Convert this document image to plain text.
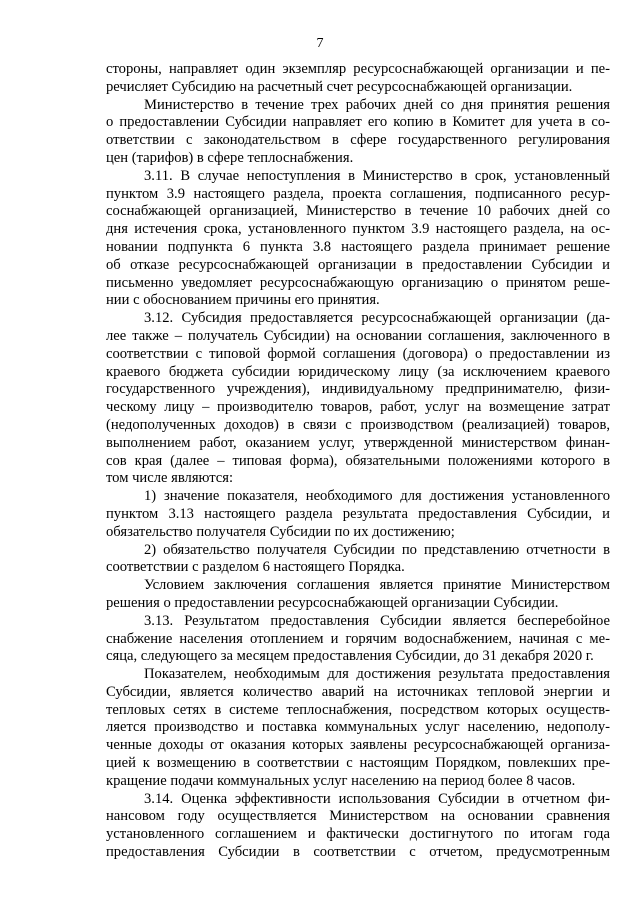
7
стороны, направляет один экземпляр ресурсоснабжающей организации и пе-
речисляет Субсидию на расчетный счет ресурсоснабжающей организации.
Министерство в течение трех рабочих дней со дня принятия решения
о предоставлении Субсидии направляет его копию в Комитет для учета в со-
ответствии с законодательством в сфере государственного регулирования
цен (тарифов) в сфере теплоснабжения.
3.11. В случае непоступления в Министерство в срок, установленный
пунктом 3.9 настоящего раздела, проекта соглашения, подписанного ресур-
соснабжающей организацией, Министерство в течение 10 рабочих дней со
дня истечения срока, установленного пунктом 3.9 настоящего раздела, на ос-
новании подпункта 6 пункта 3.8 настоящего раздела принимает решение
об отказе ресурсоснабжающей организации в предоставлении Субсидии и
письменно уведомляет ресурсоснабжающую организацию о принятом реше-
нии с обоснованием причины его принятия.
3.12. Субсидия предоставляется ресурсоснабжающей организации (да-
лее также – получатель Субсидии) на основании соглашения, заключенного в
соответствии с типовой формой соглашения (договора) о предоставлении из
краевого бюджета субсидии юридическому лицу (за исключением краевого
государственного учреждения), индивидуальному предпринимателю, физи-
ческому лицу – производителю товаров, работ, услуг на возмещение затрат
(недополученных доходов) в связи с производством (реализацией) товаров,
выполнением работ, оказанием услуг, утвержденной министерством финан-
сов края (далее – типовая форма), обязательными положениями которого в
том числе являются:
1) значение показателя, необходимого для достижения установленного
пунктом 3.13 настоящего раздела результата предоставления Субсидии, и
обязательство получателя Субсидии по их достижению;
2) обязательство получателя Субсидии по представлению отчетности в
соответствии с разделом 6 настоящего Порядка.
Условием заключения соглашения является принятие Министерством
решения о предоставлении ресурсоснабжающей организации Субсидии.
3.13. Результатом предоставления Субсидии является бесперебойное
снабжение населения отоплением и горячим водоснабжением, начиная с ме-
сяца, следующего за месяцем предоставления Субсидии, до 31 декабря 2020 г.
Показателем, необходимым для достижения результата предоставления
Субсидии, является количество аварий на источниках тепловой энергии и
тепловых сетях в системе теплоснабжения, посредством которых осуществ-
ляется производство и поставка коммунальных услуг населению, недополу-
ченные доходы от оказания которых заявлены ресурсоснабжающей организа-
цией к возмещению в соответствии с настоящим Порядком, повлекших пре-
кращение подачи коммунальных услуг населению на период более 8 часов.
3.14. Оценка эффективности использования Субсидии в отчетном фи-
нансовом году осуществляется Министерством на основании сравнения
установленного соглашением и фактически достигнутого по итогам года
предоставления Субсидии в соответствии с отчетом, предусмотренным
